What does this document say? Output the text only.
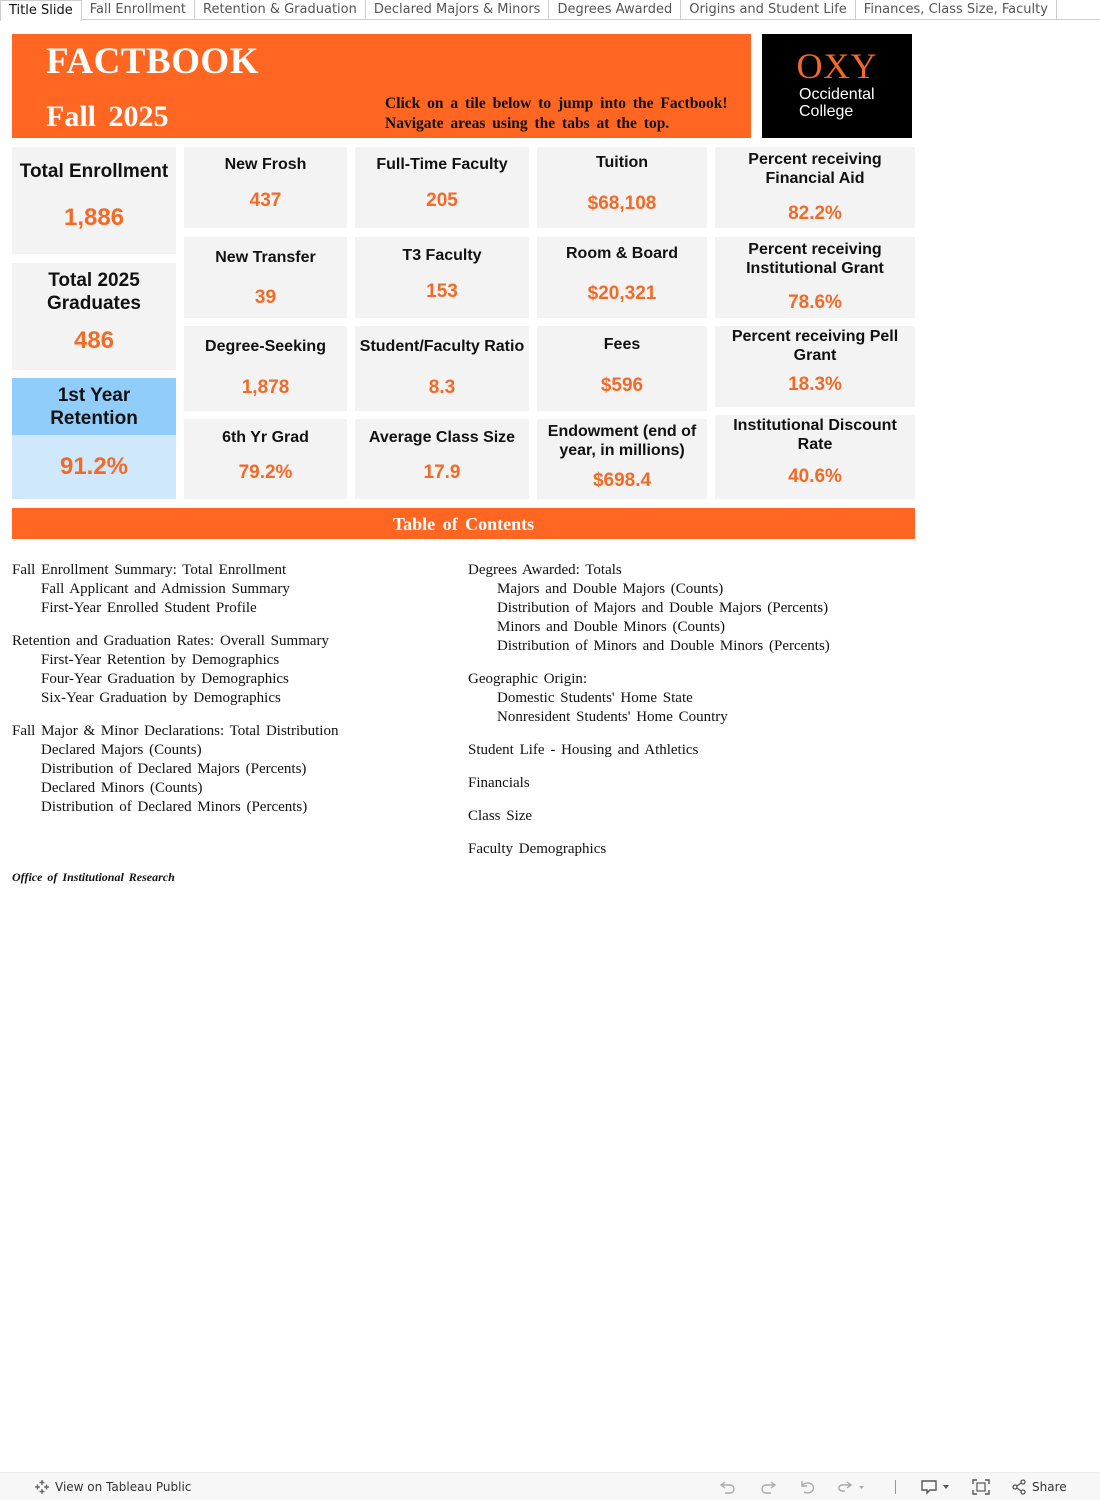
Title Slide	Fall Enrollment	Retention & Graduation	Declared Majors & Minors	Degrees Awarded	Origins and Student Life	Finances, Class Size, Faculty
FACTBOOK
Fall 2025	Click on a tile below to jump into the Factbook!
Navigate areas using the tabs at the top.
OXY
Occidental
College
Total Enrollment
1,886
Total 2025 Graduates
486
1st Year Retention
91.2%
New Frosh
437
New Transfer
39
Degree-Seeking
1,878
6th Yr Grad
79.2%
Full-Time Faculty
205
T3 Faculty
153
Student/Faculty Ratio
8.3
Average Class Size
17.9
Tuition
$68,108
Room & Board
$20,321
Fees
$596
Endowment (end of year, in millions)
$698.4
Percent receiving Financial Aid
82.2%
Percent receiving Institutional Grant
78.6%
Percent receiving Pell Grant
18.3%
Institutional Discount Rate
40.6%
Table of Contents
Fall Enrollment Summary: Total Enrollment
Fall Applicant and Admission Summary
First-Year Enrolled Student Profile
Retention and Graduation Rates: Overall Summary
First-Year Retention by Demographics
Four-Year Graduation by Demographics
Six-Year Graduation by Demographics
Fall Major & Minor Declarations: Total Distribution
Declared Majors (Counts)
Distribution of Declared Majors (Percents)
Declared Minors (Counts)
Distribution of Declared Minors (Percents)
Degrees Awarded: Totals
Majors and Double Majors (Counts)
Distribution of Majors and Double Majors (Percents)
Minors and Double Minors (Counts)
Distribution of Minors and Double Minors (Percents)
Geographic Origin:
Domestic Students' Home State
Nonresident Students' Home Country
Student Life - Housing and Athletics
Financials
Class Size
Faculty Demographics
Office of Institutional Research
View on Tableau Public	Share
